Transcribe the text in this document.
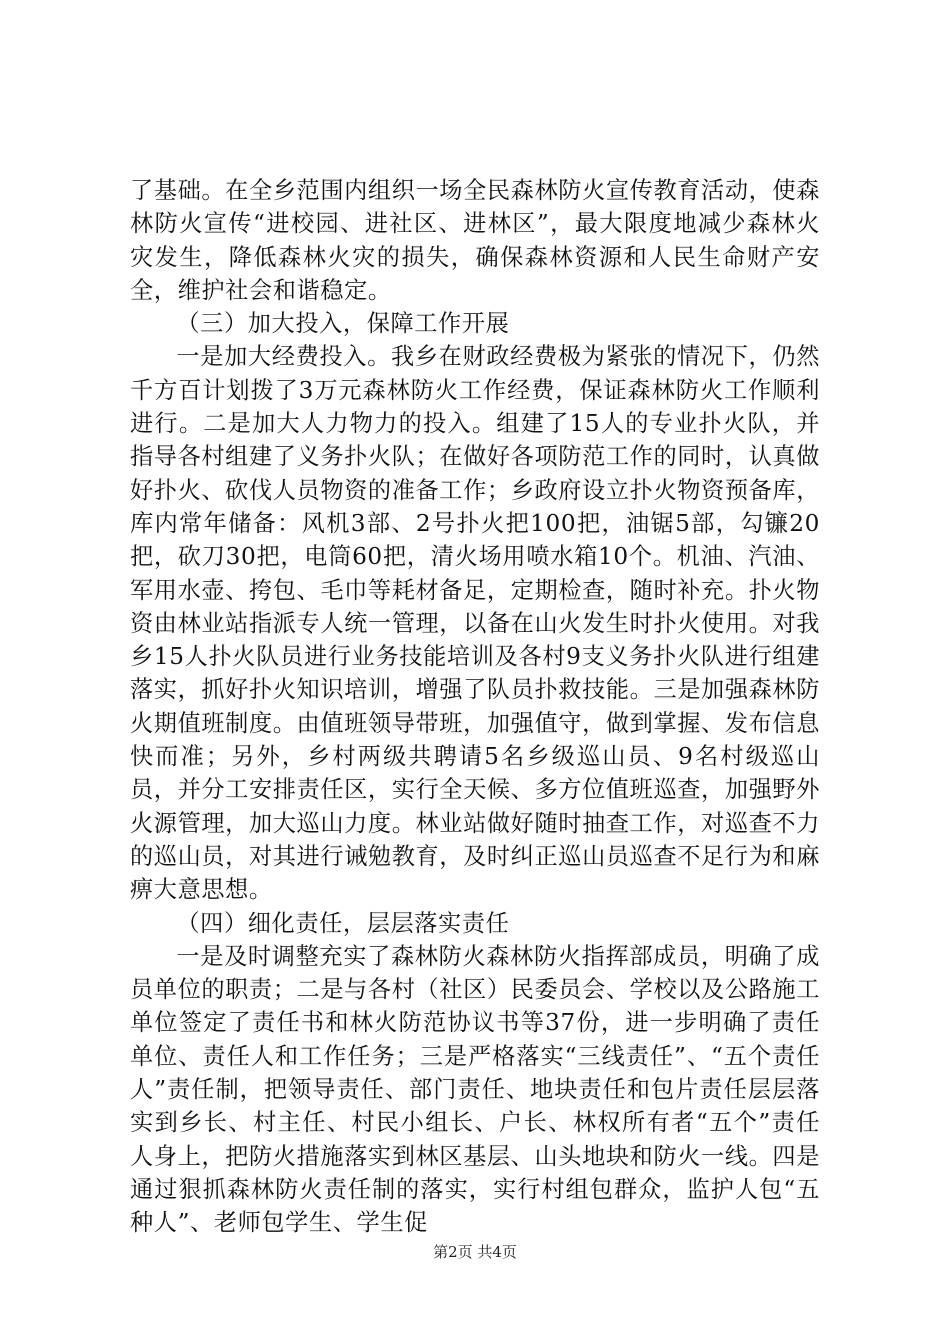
了基础。在全乡范围内组织一场全民森林防火宣传教育活动，使森林防火宣传“进校园、进社区、进林区”，最大限度地减少森林火灾发生，降低森林火灾的损失，确保森林资源和人民生命财产安全，维护社会和谐稳定。

（三）加大投入，保障工作开展

一是加大经费投入。我乡在财政经费极为紧张的情况下，仍然千方百计划拨了3万元森林防火工作经费，保证森林防火工作顺利进行。二是加大人力物力的投入。组建了15人的专业扑火队，并指导各村组建了义务扑火队；在做好各项防范工作的同时，认真做好扑火、砍伐人员物资的准备工作；乡政府设立扑火物资预备库，库内常年储备：风机3部、2号扑火把100把，油锯5部，勾镰20把，砍刀30把，电筒60把，清火场用喷水箱10个。机油、汽油、军用水壶、挎包、毛巾等耗材备足，定期检查，随时补充。扑火物资由林业站指派专人统一管理，以备在山火发生时扑火使用。对我乡15人扑火队员进行业务技能培训及各村9支义务扑火队进行组建落实，抓好扑火知识培训，增强了队员扑救技能。三是加强森林防火期值班制度。由值班领导带班，加强值守，做到掌握、发布信息快而准；另外，乡村两级共聘请5名乡级巡山员、9名村级巡山员，并分工安排责任区，实行全天候、多方位值班巡查，加强野外火源管理，加大巡山力度。林业站做好随时抽查工作，对巡查不力的巡山员，对其进行诫勉教育，及时纠正巡山员巡查不足行为和麻痹大意思想。

（四）细化责任，层层落实责任

一是及时调整充实了森林防火森林防火指挥部成员，明确了成员单位的职责；二是与各村（社区）民委员会、学校以及公路施工单位签定了责任书和林火防范协议书等37份，进一步明确了责任单位、责任人和工作任务；三是严格落实“三线责任”、“五个责任人”责任制，把领导责任、部门责任、地块责任和包片责任层层落实到乡长、村主任、村民小组长、户长、林权所有者“五个”责任人身上，把防火措施落实到林区基层、山头地块和防火一线。四是通过狠抓森林防火责任制的落实，实行村组包群众，监护人包“五种人”、老师包学生、学生促

第2页 共4页
